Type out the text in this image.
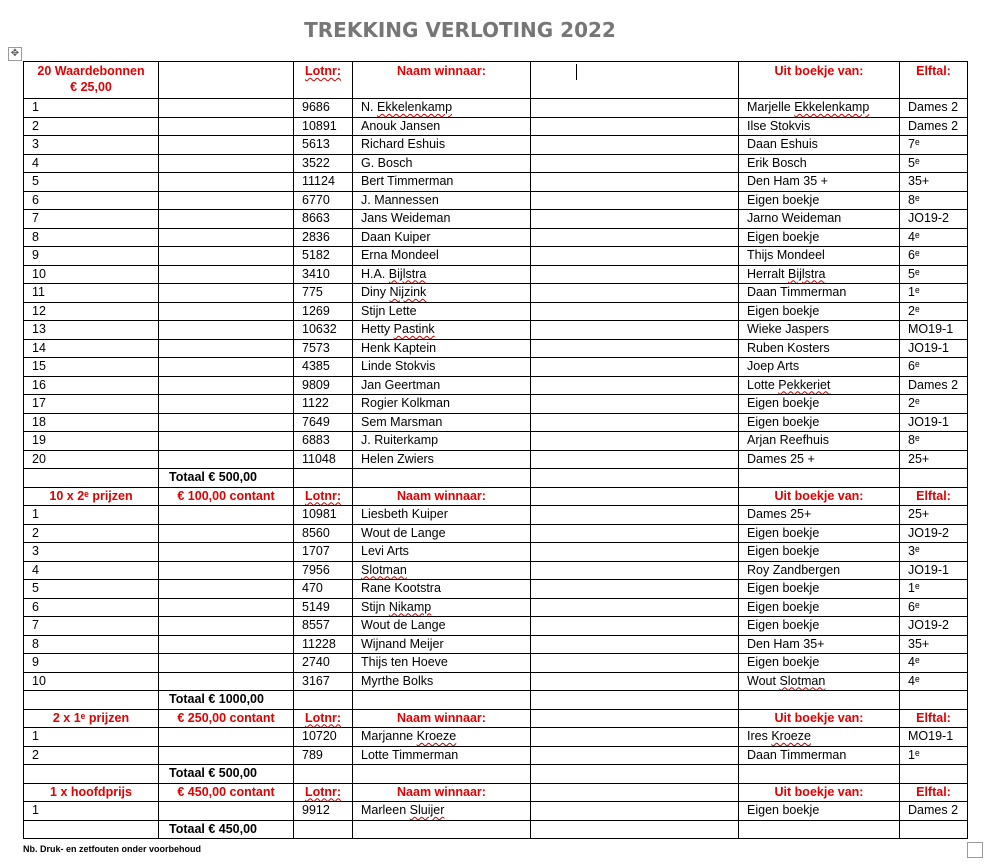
TREKKING VERLOTING 2022
✥
20 Waardebonnen
€ 25,00		Lotnr:	Naam winnaar:		Uit boekje van:	Elftal:
1		9686	N. Ekkelenkamp		Marjelle Ekkelenkamp	Dames 2
2		10891	Anouk Jansen		Ilse Stokvis	Dames 2
3		5613	Richard Eshuis		Daan Eshuis	7ᵉ
4		3522	G. Bosch		Erik Bosch	5ᵉ
5		11124	Bert Timmerman		Den Ham 35 +	35+
6		6770	J. Mannessen		Eigen boekje	8ᵉ
7		8663	Jans Weideman		Jarno Weideman	JO19-2
8		2836	Daan Kuiper		Eigen boekje	4ᵉ
9		5182	Erna Mondeel		Thijs Mondeel	6ᵉ
10		3410	H.A. Bijlstra		Herralt Bijlstra	5ᵉ
11		775	Diny Nijzink		Daan Timmerman	1ᵉ
12		1269	Stijn Lette		Eigen boekje	2ᵉ
13		10632	Hetty Pastink		Wieke Jaspers	MO19-1
14		7573	Henk Kaptein		Ruben Kosters	JO19-1
15		4385	Linde Stokvis		Joep Arts	6ᵉ
16		9809	Jan Geertman		Lotte Pekkeriet	Dames 2
17		1122	Rogier Kolkman		Eigen boekje	2ᵉ
18		7649	Sem Marsman		Eigen boekje	JO19-1
19		6883	J. Ruiterkamp		Arjan Reefhuis	8ᵉ
20		11048	Helen Zwiers		Dames 25 +	25+
	Totaal € 500,00					
10 x 2ᵉ prijzen	€ 100,00 contant	Lotnr:	Naam winnaar:		Uit boekje van:	Elftal:
1		10981	Liesbeth Kuiper		Dames 25+	25+
2		8560	Wout de Lange		Eigen boekje	JO19-2
3		1707	Levi Arts		Eigen boekje	3ᵉ
4		7956	Slotman		Roy Zandbergen	JO19-1
5		470	Rane Kootstra		Eigen boekje	1ᵉ
6		5149	Stijn Nikamp		Eigen boekje	6ᵉ
7		8557	Wout de Lange		Eigen boekje	JO19-2
8		11228	Wijnand Meijer		Den Ham 35+	35+
9		2740	Thijs ten Hoeve		Eigen boekje	4ᵉ
10		3167	Myrthe Bolks		Wout Slotman	4ᵉ
	Totaal € 1000,00					
2 x 1ᵉ prijzen	€ 250,00 contant	Lotnr:	Naam winnaar:		Uit boekje van:	Elftal:
1		10720	Marjanne Kroeze		Ires Kroeze	MO19-1
2		789	Lotte Timmerman		Daan Timmerman	1ᵉ
	Totaal € 500,00					
1 x hoofdprijs	€ 450,00 contant	Lotnr:	Naam winnaar:		Uit boekje van:	Elftal:
1		9912	Marleen Sluijer		Eigen boekje	Dames 2
	Totaal € 450,00					
Nb. Druk- en zetfouten onder voorbehoud
